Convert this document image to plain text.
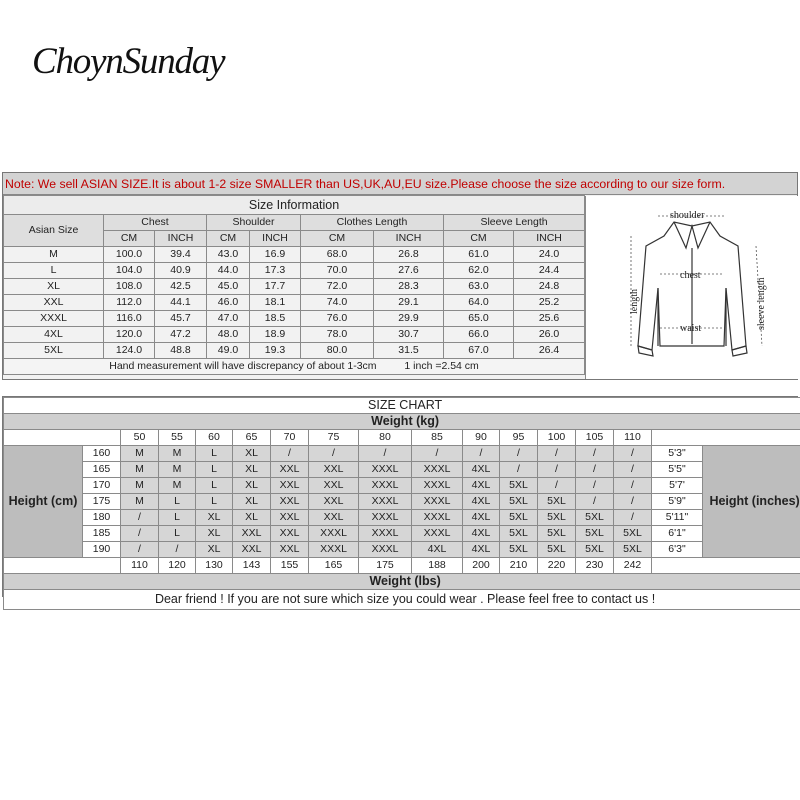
ChoynSunday
Note: We sell ASIAN SIZE.It is about 1-2 size SMALLER than US,UK,AU,EU size.Please choose the size according to our size form.
Size Information								
Asian Size	Chest		Shoulder		Clothes Length		Sleeve Length	
	CM	INCH	CM	INCH	CM	INCH	CM	INCH
M	100.0	39.4	43.0	16.9	68.0	26.8	61.0	24.0
L	104.0	40.9	44.0	17.3	70.0	27.6	62.0	24.4
XL	108.0	42.5	45.0	17.7	72.0	28.3	63.0	24.8
XXL	112.0	44.1	46.0	18.1	74.0	29.1	64.0	25.2
XXXL	116.0	45.7	47.0	18.5	76.0	29.9	65.0	25.6
4XL	120.0	47.2	48.0	18.9	78.0	30.7	66.0	26.0
5XL	124.0	48.8	49.0	19.3	80.0	31.5	67.0	26.4
Hand measurement will have discrepancy of about 1-3cm 1 inch =2.54 cm								
shoulder
chest
waist
length	sleeve length
SIZE CHART																
Weight (kg)																
		50	55	60	65	70	75	80	85	90	95	100	105	110		
Height (cm)	160	M	M	L	XL	/	/	/	/	/	/	/	/	/	5'3"	Height (inches)
	165	M	M	L	XL	XXL	XXL	XXXL	XXXL	4XL	/	/	/	/	5'5"	
	170	M	M	L	XL	XXL	XXL	XXXL	XXXL	4XL	5XL	/	/	/	5'7'	
	175	M	L	L	XL	XXL	XXL	XXXL	XXXL	4XL	5XL	5XL	/	/	5'9"	
	180	/	L	XL	XL	XXL	XXL	XXXL	XXXL	4XL	5XL	5XL	5XL	/	5'11"	
	185	/	L	XL	XXL	XXL	XXXL	XXXL	XXXL	4XL	5XL	5XL	5XL	5XL	6'1"	
	190	/	/	XL	XXL	XXL	XXXL	XXXL	4XL	4XL	5XL	5XL	5XL	5XL	6'3"	
		110	120	130	143	155	165	175	188	200	210	220	230	242		
Weight (lbs)																
Dear friend ! If you are not sure which size you could wear . Please feel free to contact us !																
